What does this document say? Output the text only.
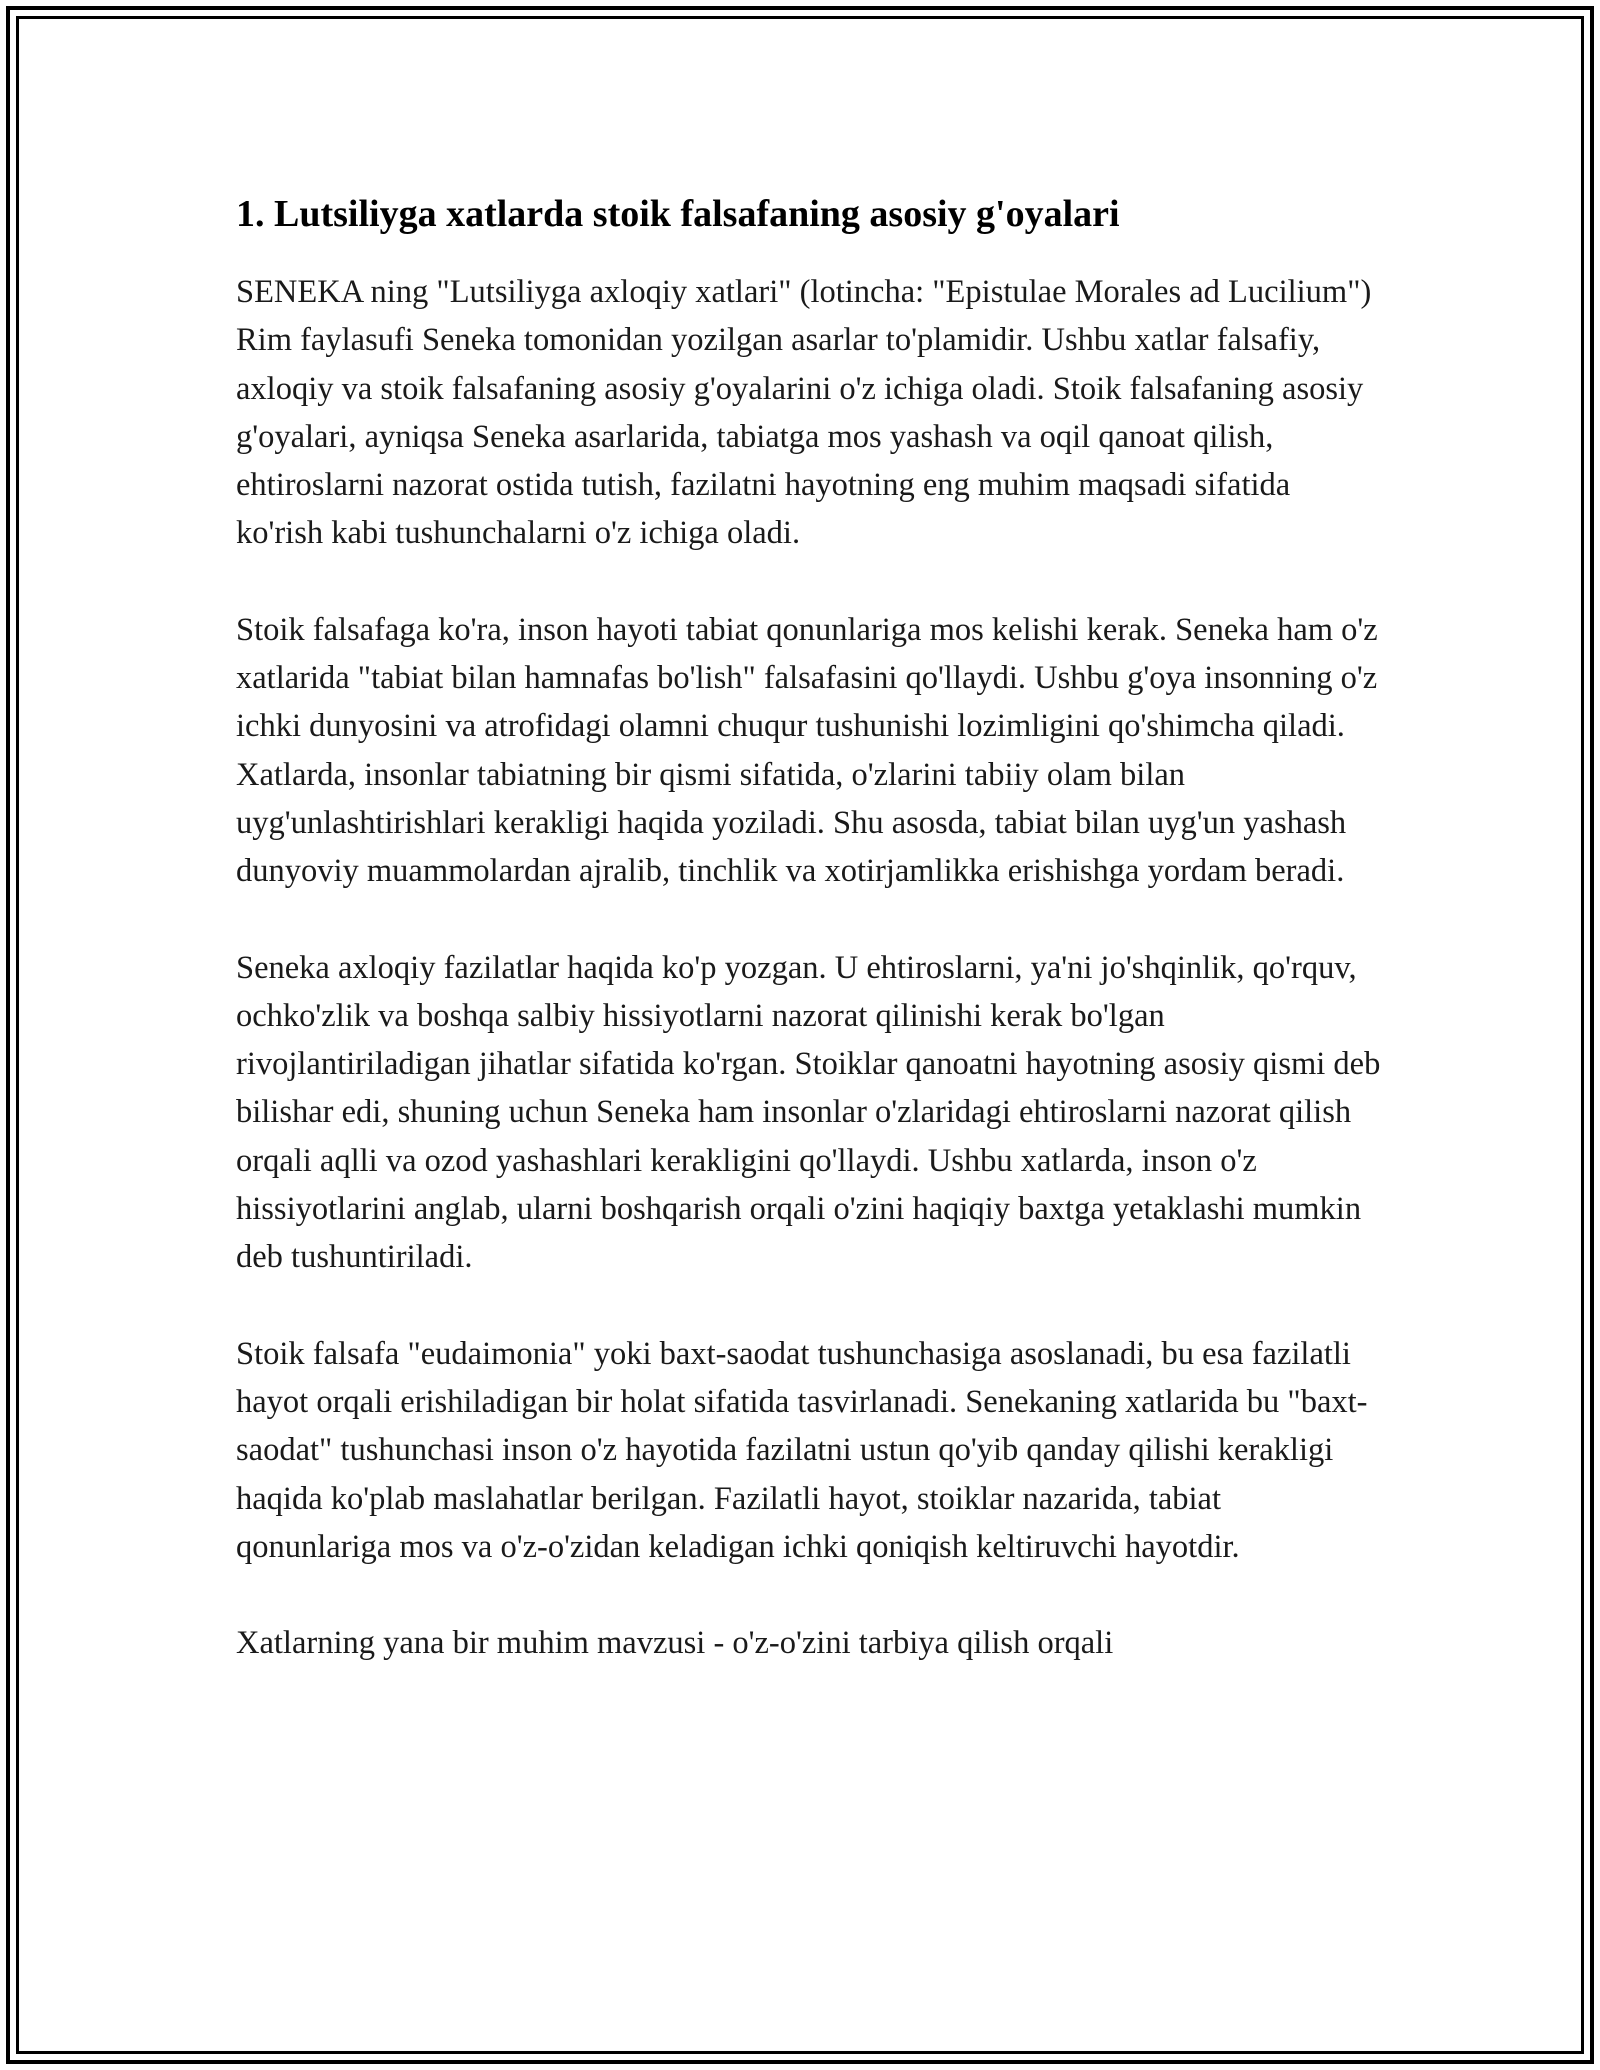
1. Lutsiliyga xatlarda stoik falsafaning asosiy g'oyalari

SENEKA ning "Lutsiliyga axloqiy xatlari" (lotincha: "Epistulae Morales ad Lucilium") Rim faylasufi Seneka tomonidan yozilgan asarlar to'plamidir. Ushbu xatlar falsafiy, axloqiy va stoik falsafaning asosiy g'oyalarini o'z ichiga oladi. Stoik falsafaning asosiy g'oyalari, ayniqsa Seneka asarlarida, tabiatga mos yashash va oqil qanoat qilish, ehtiroslarni nazorat ostida tutish, fazilatni hayotning eng muhim maqsadi sifatida ko'rish kabi tushunchalarni o'z ichiga oladi.

Stoik falsafaga ko'ra, inson hayoti tabiat qonunlariga mos kelishi kerak. Seneka ham o'z xatlarida "tabiat bilan hamnafas bo'lish" falsafasini qo'llaydi. Ushbu g'oya insonning o'z ichki dunyosini va atrofidagi olamni chuqur tushunishi lozimligini qo'shimcha qiladi. Xatlarda, insonlar tabiatning bir qismi sifatida, o'zlarini tabiiy olam bilan uyg'unlashtirishlari kerakligi haqida yoziladi. Shu asosda, tabiat bilan uyg'un yashash dunyoviy muammolardan ajralib, tinchlik va xotirjamlikka erishishga yordam beradi.

Seneka axloqiy fazilatlar haqida ko'p yozgan. U ehtiroslarni, ya'ni jo'shqinlik, qo'rquv, ochko'zlik va boshqa salbiy hissiyotlarni nazorat qilinishi kerak bo'lgan rivojlantiriladigan jihatlar sifatida ko'rgan. Stoiklar qanoatni hayotning asosiy qismi deb bilishar edi, shuning uchun Seneka ham insonlar o'zlaridagi ehtiroslarni nazorat qilish orqali aqlli va ozod yashashlari kerakligini qo'llaydi. Ushbu xatlarda, inson o'z hissiyotlarini anglab, ularni boshqarish orqali o'zini haqiqiy baxtga yetaklashi mumkin deb tushuntiriladi.

Stoik falsafa "eudaimonia" yoki baxt-saodat tushunchasiga asoslanadi, bu esa fazilatli hayot orqali erishiladigan bir holat sifatida tasvirlanadi. Senekaning xatlarida bu "baxt-saodat" tushunchasi inson o'z hayotida fazilatni ustun qo'yib qanday qilishi kerakligi haqida ko'plab maslahatlar berilgan. Fazilatli hayot, stoiklar nazarida, tabiat qonunlariga mos va o'z-o'zidan keladigan ichki qoniqish keltiruvchi hayotdir.

Xatlarning yana bir muhim mavzusi - o'z-o'zini tarbiya qilish orqali
